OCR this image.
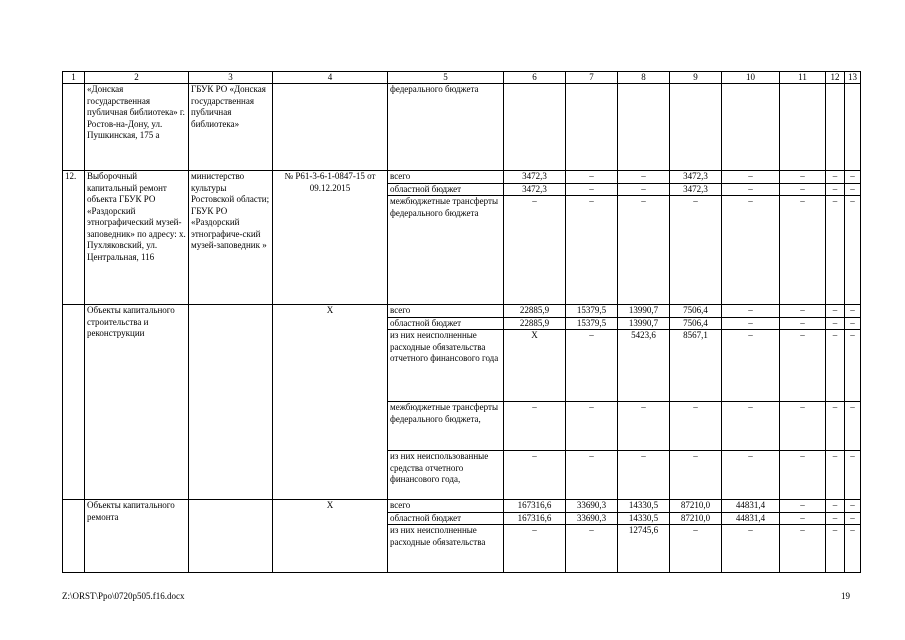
1	2	3	4	5	6	7	8	9	10	11	12	13
	«Донская государственная публичная библиотека» г. Ростов-на-Дону, ул. Пушкинская, 175 а	ГБУК РО «Донская государственная публичная библиотека»		федерального бюджета								
12.	Выборочный капитальный ремонт объекта ГБУК РО «Раздорский этнографический музей-заповедник» по адресу: х. Пухляковский, ул. Центральная, 116	министерство культуры Ростовской области; ГБУК РО «Раздорский этнографиче-ский музей-заповедник »	№ Р61-3-6-1-0847-15 от 09.12.2015	всего	3472,3	–	–	3472,3	–	–	–	–
				областной бюджет	3472,3	–	–	3472,3	–	–	–	–
				межбюджетные трансферты федерального бюджета	–	–	–	–	–	–	–	–
	Объекты капитального строительства и реконструкции		X	всего	22885,9	15379,5	13990,7	7506,4	–	–	–	–
				областной бюджет	22885,9	15379,5	13990,7	7506,4	–	–	–	–
				из них неисполненные расходные обязательства отчетного финансового года	X	–	5423,6	8567,1	–	–	–	–
				межбюджетные трансферты федерального бюджета,	–	–	–	–	–	–	–	–
				из них неиспользованные средства отчетного финансового года,	–	–	–	–	–	–	–	–
	Объекты капитального ремонта		X	всего	167316,6	33690,3	14330,5	87210,0	44831,4	–	–	–
				областной бюджет	167316,6	33690,3	14330,5	87210,0	44831,4	–	–	–
				из них неисполненные расходные обязательства	–	–	12745,6	–	–	–	–	–
Z:\ORST\Ppo\0720p505.f16.docx	19
